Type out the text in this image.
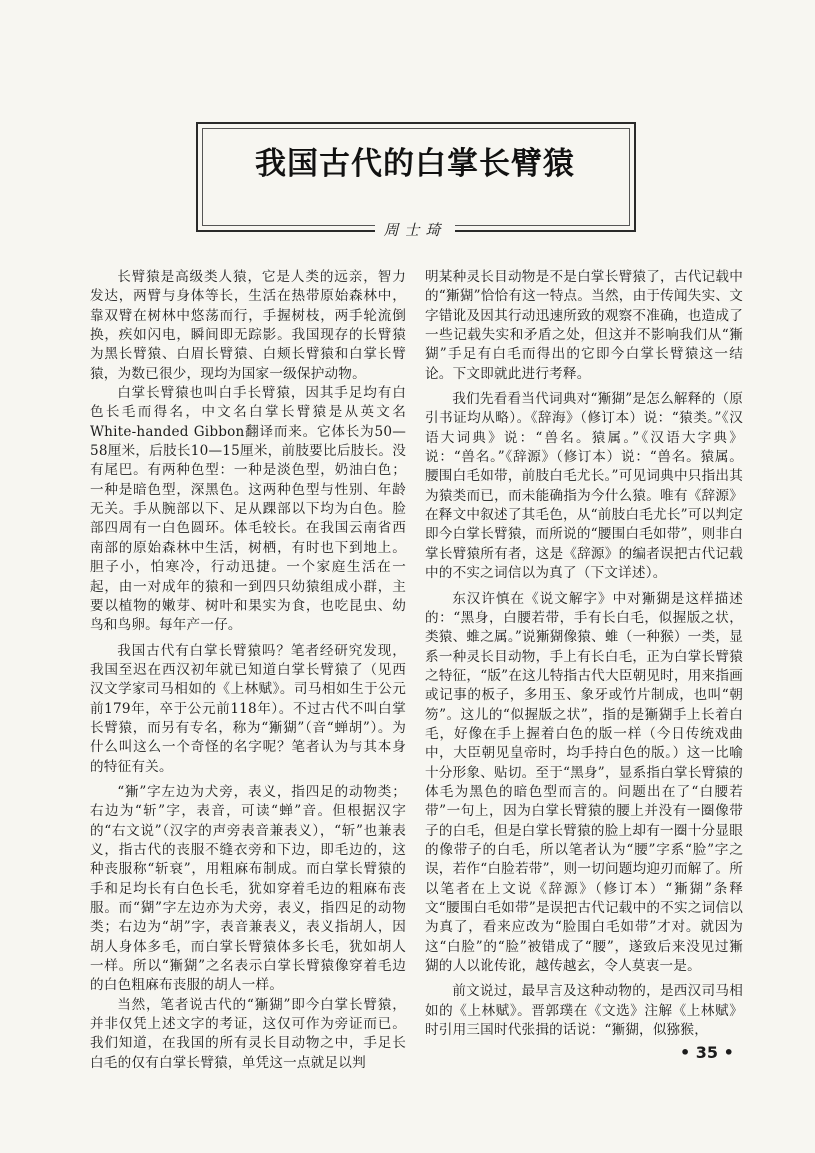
我国古代的白掌长臂猿
周士琦

长臂猿是高级类人猿，它是人类的远亲，智力发达，两臂与身体等长，生活在热带原始森林中，靠双臂在树林中悠荡而行，手握树枝，两手轮流倒换，疾如闪电，瞬间即无踪影。我国现存的长臂猿为黑长臂猿、白眉长臂猿、白颊长臂猿和白掌长臂猿，为数已很少，现均为国家一级保护动物。

白掌长臂猿也叫白手长臂猿，因其手足均有白色长毛而得名，中文名白掌长臂猿是从英文名White-handed Gibbon翻译而来。它体长为50—58厘米，后肢长10—15厘米，前肢要比后肢长。没有尾巴。有两种色型：一种是淡色型，奶油白色；一种是暗色型，深黑色。这两种色型与性别、年龄无关。手从腕部以下、足从踝部以下均为白色。脸部四周有一白色圆环。体毛较长。在我国云南省西南部的原始森林中生活，树栖，有时也下到地上。胆子小，怕寒冷，行动迅捷。一个家庭生活在一起，由一对成年的猿和一到四只幼猿组成小群，主要以植物的嫩芽、树叶和果实为食，也吃昆虫、幼鸟和鸟卵。每年产一仔。

我国古代有白掌长臂猿吗？笔者经研究发现，我国至迟在西汉初年就已知道白掌长臂猿了（见西汉文学家司马相如的《上林赋》。司马相如生于公元前179年，卒于公元前118年）。不过古代不叫白掌长臂猿，而另有专名，称为“獑猢”（音“蝉胡”）。为什么叫这么一个奇怪的名字呢？笔者认为与其本身的特征有关。

“獑”字左边为犬旁，表义，指四足的动物类；右边为“斩”字，表音，可读“蝉”音。但根据汉字的“右文说”（汉字的声旁表音兼表义），“斩”也兼表义，指古代的丧服不缝衣旁和下边，即毛边的，这种丧服称“斩衰”，用粗麻布制成。而白掌长臂猿的手和足均长有白色长毛，犹如穿着毛边的粗麻布丧服。而“猢”字左边亦为犬旁，表义，指四足的动物类；右边为“胡”字，表音兼表义，表义指胡人，因胡人身体多毛，而白掌长臂猿体多长毛，犹如胡人一样。所以“獑猢”之名表示白掌长臂猿像穿着毛边的白色粗麻布丧服的胡人一样。

当然，笔者说古代的“獑猢”即今白掌长臂猿，并非仅凭上述文字的考证，这仅可作为旁证而已。我们知道，在我国的所有灵长目动物之中，手足长白毛的仅有白掌长臂猿，单凭这一点就足以判

明某种灵长目动物是不是白掌长臂猿了，古代记载中的“獑猢”恰恰有这一特点。当然，由于传闻失实、文字错讹及因其行动迅速所致的观察不准确，也造成了一些记载失实和矛盾之处，但这并不影响我们从“獑猢”手足有白毛而得出的它即今白掌长臂猿这一结论。下文即就此进行考释。

我们先看看当代词典对“獑猢”是怎么解释的（原引书证均从略）。《辞海》（修订本）说：“猿类。”《汉语大词典》说：“兽名。猿属。”《汉语大字典》说：“兽名。”《辞源》（修订本）说：“兽名。猿属。腰围白毛如带，前肢白毛尤长。”可见词典中只指出其为猿类而已，而未能确指为今什么猿。唯有《辞源》在释文中叙述了其毛色，从“前肢白毛尤长”可以判定即今白掌长臂猿，而所说的“腰围白毛如带”，则非白掌长臂猿所有者，这是《辞源》的编者误把古代记载中的不实之词信以为真了（下文详述）。

东汉许慎在《说文解字》中对獑猢是这样描述的：“黑身，白腰若带，手有长白毛，似握版之状，类猿、蜼之属。”说獑猢像猿、蜼（一种猴）一类，显系一种灵长目动物，手上有长白毛，正为白掌长臂猿之特征，“版”在这儿特指古代大臣朝见时，用来指画或记事的板子，多用玉、象牙或竹片制成，也叫“朝笏”。这儿的“似握版之状”，指的是獑猢手上长着白毛，好像在手上握着白色的版一样（今日传统戏曲中，大臣朝见皇帝时，均手持白色的版。）这一比喻十分形象、贴切。至于“黑身”，显系指白掌长臂猿的体毛为黑色的暗色型而言的。问题出在了“白腰若带”一句上，因为白掌长臂猿的腰上并没有一圈像带子的白毛，但是白掌长臂猿的脸上却有一圈十分显眼的像带子的白毛，所以笔者认为“腰”字系“脸”字之误，若作“白脸若带”，则一切问题均迎刃而解了。所以笔者在上文说《辞源》（修订本）“獑猢”条释文“腰围白毛如带”是误把古代记载中的不实之词信以为真了，看来应改为“脸围白毛如带”才对。就因为这“白脸”的“脸”被错成了“腰”，遂致后来没见过獑猢的人以讹传讹，越传越玄，令人莫衷一是。

前文说过，最早言及这种动物的，是西汉司马相如的《上林赋》。晋郭璞在《文选》注解《上林赋》时引用三国时代张揖的话说：“獑猢，似猕猴，

• 35 •
